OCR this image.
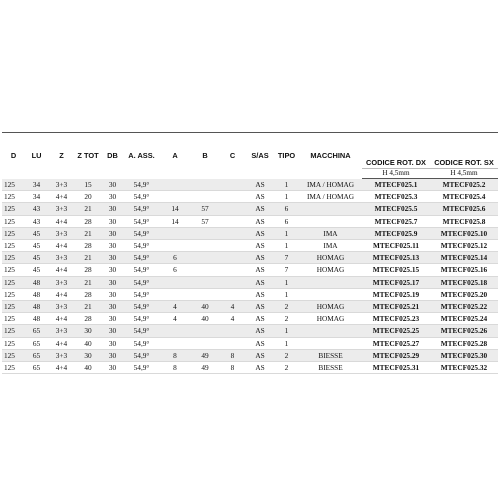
D	LU	Z	Z TOT	DB	A. ASS.	A	B	C	S/AS	TIPO	MACCHINA	CODICE ROT. DX	CODICE ROT. SX
												H 4,5mm	H 4,5mm
125	34	3+3	15	30	54,9°				AS	1	IMA / HOMAG	MTECF025.1	MTECF025.2
125	34	4+4	20	30	54,9°				AS	1	IMA / HOMAG	MTECF025.3	MTECF025.4
125	43	3+3	21	30	54,9°	14	57		AS	6		MTECF025.5	MTECF025.6
125	43	4+4	28	30	54,9°	14	57		AS	6		MTECF025.7	MTECF025.8
125	45	3+3	21	30	54,9°				AS	1	IMA	MTECF025.9	MTECF025.10
125	45	4+4	28	30	54,9°				AS	1	IMA	MTECF025.11	MTECF025.12
125	45	3+3	21	30	54,9°	6			AS	7	HOMAG	MTECF025.13	MTECF025.14
125	45	4+4	28	30	54,9°	6			AS	7	HOMAG	MTECF025.15	MTECF025.16
125	48	3+3	21	30	54,9°				AS	1		MTECF025.17	MTECF025.18
125	48	4+4	28	30	54,9°				AS	1		MTECF025.19	MTECF025.20
125	48	3+3	21	30	54,9°	4	40	4	AS	2	HOMAG	MTECF025.21	MTECF025.22
125	48	4+4	28	30	54,9°	4	40	4	AS	2	HOMAG	MTECF025.23	MTECF025.24
125	65	3+3	30	30	54,9°				AS	1		MTECF025.25	MTECF025.26
125	65	4+4	40	30	54,9°				AS	1		MTECF025.27	MTECF025.28
125	65	3+3	30	30	54,9°	8	49	8	AS	2	BIESSE	MTECF025.29	MTECF025.30
125	65	4+4	40	30	54,9°	8	49	8	AS	2	BIESSE	MTECF025.31	MTECF025.32
